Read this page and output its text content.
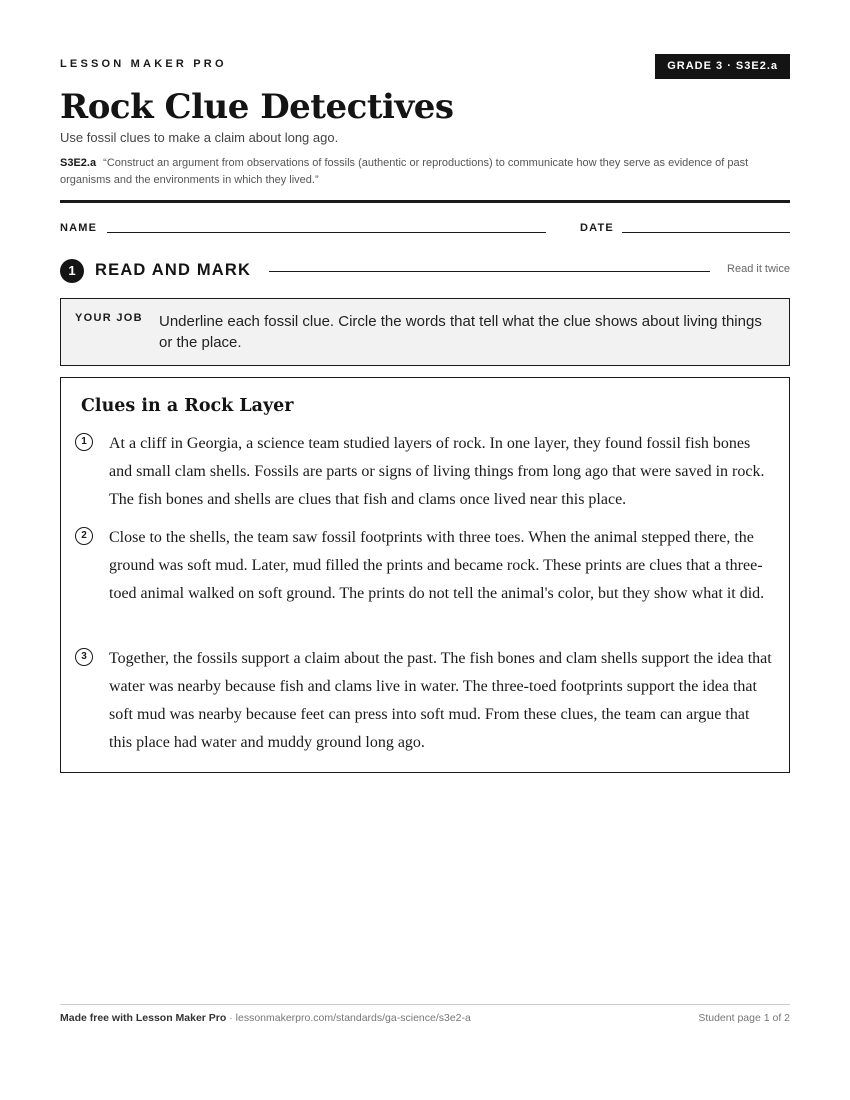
LESSON MAKER PRO	GRADE 3 · S3E2.a
Rock Clue Detectives
Use fossil clues to make a claim about long ago.
S3E2.a “Construct an argument from observations of fossils (authentic or reproductions) to communicate how they serve as evidence of past organisms and the environments in which they lived.”
NAME	DATE
1	READ AND MARK	Read it twice
YOUR JOB Underline each fossil clue. Circle the words that tell what the clue shows about living things or the place.
Clues in a Rock Layer
1	At a cliff in Georgia, a science team studied layers of rock. In one layer, they found fossil fish bones and small clam shells. Fossils are parts or signs of living things from long ago that were saved in rock. The fish bones and shells are clues that fish and clams once lived near this place.

2	Close to the shells, the team saw fossil footprints with three toes. When the animal stepped there, the ground was soft mud. Later, mud filled the prints and became rock. These prints are clues that a three-toed animal walked on soft ground. The prints do not tell the animal's color, but they show what it did.

3	Together, the fossils support a claim about the past. The fish bones and clam shells support the idea that water was nearby because fish and clams live in water. The three-toed footprints support the idea that soft mud was nearby because feet can press into soft mud. From these clues, the team can argue that this place had water and muddy ground long ago.

Made free with Lesson Maker Pro · lessonmakerpro.com/standards/ga-science/s3e2-a	Student page 1 of 2
